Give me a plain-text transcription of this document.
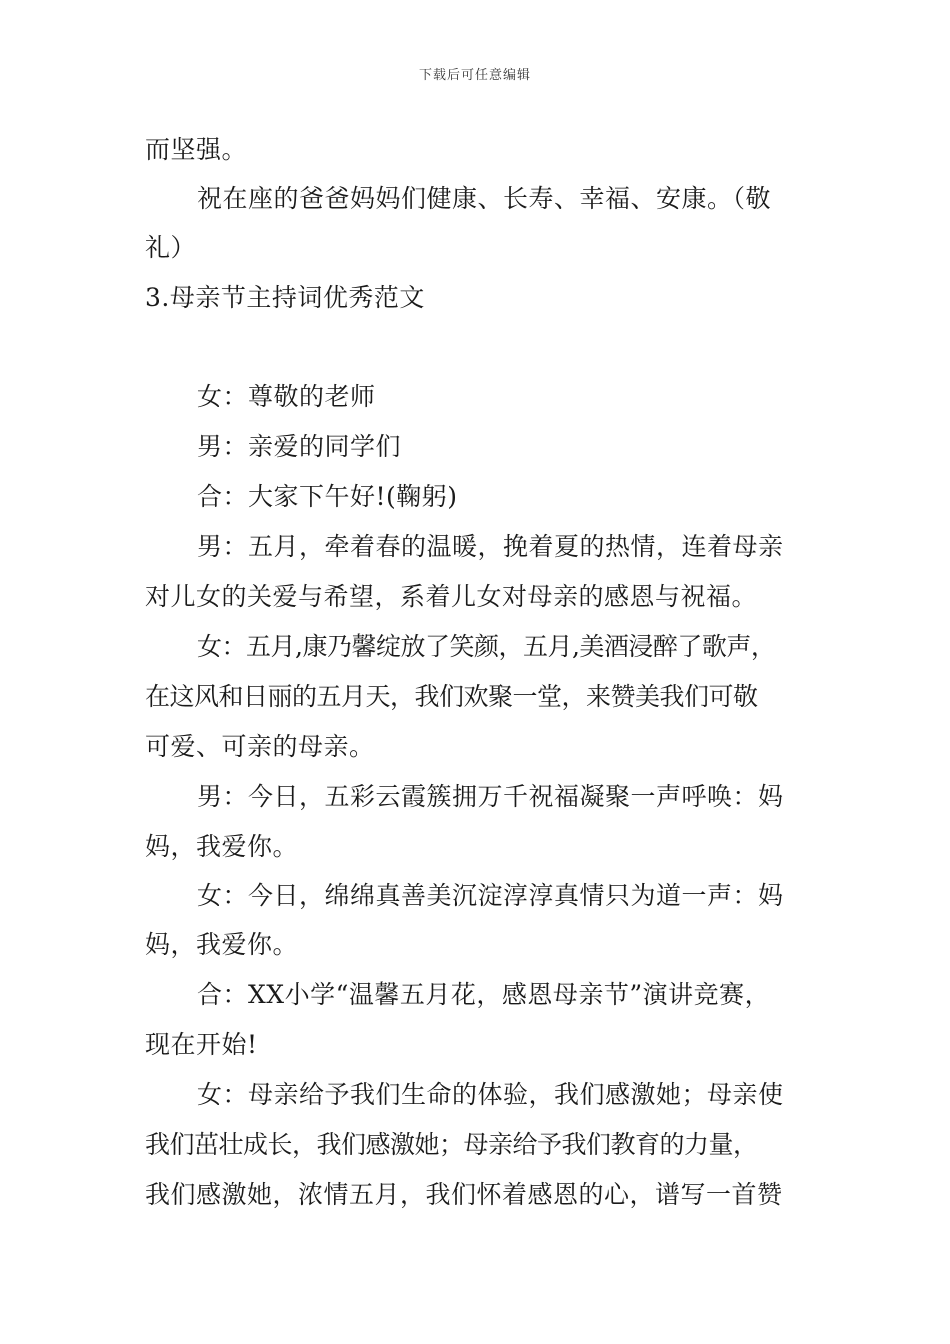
下载后可任意编辑
而坚强。
祝在座的爸爸妈妈们健康、长寿、幸福、安康。（敬
礼）
3.母亲节主持词优秀范文
女：尊敬的老师
男：亲爱的同学们
合：大家下午好!(鞠躬)
男：五月，牵着春的温暖，挽着夏的热情，连着母亲
对儿女的关爱与希望，系着儿女对母亲的感恩与祝福。
女：五月,康乃馨绽放了笑颜，五月,美酒浸醉了歌声，
在这风和日丽的五月天，我们欢聚一堂，来赞美我们可敬
可爱、可亲的母亲。
男：今日，五彩云霞簇拥万千祝福凝聚一声呼唤：妈
妈，我爱你。
女：今日，绵绵真善美沉淀淳淳真情只为道一声：妈
妈，我爱你。
合：XX小学“温馨五月花，感恩母亲节”演讲竞赛，
现在开始!
女：母亲给予我们生命的体验，我们感激她；母亲使
我们茁壮成长，我们感激她；母亲给予我们教育的力量，
我们感激她，浓情五月，我们怀着感恩的心，谱写一首赞
